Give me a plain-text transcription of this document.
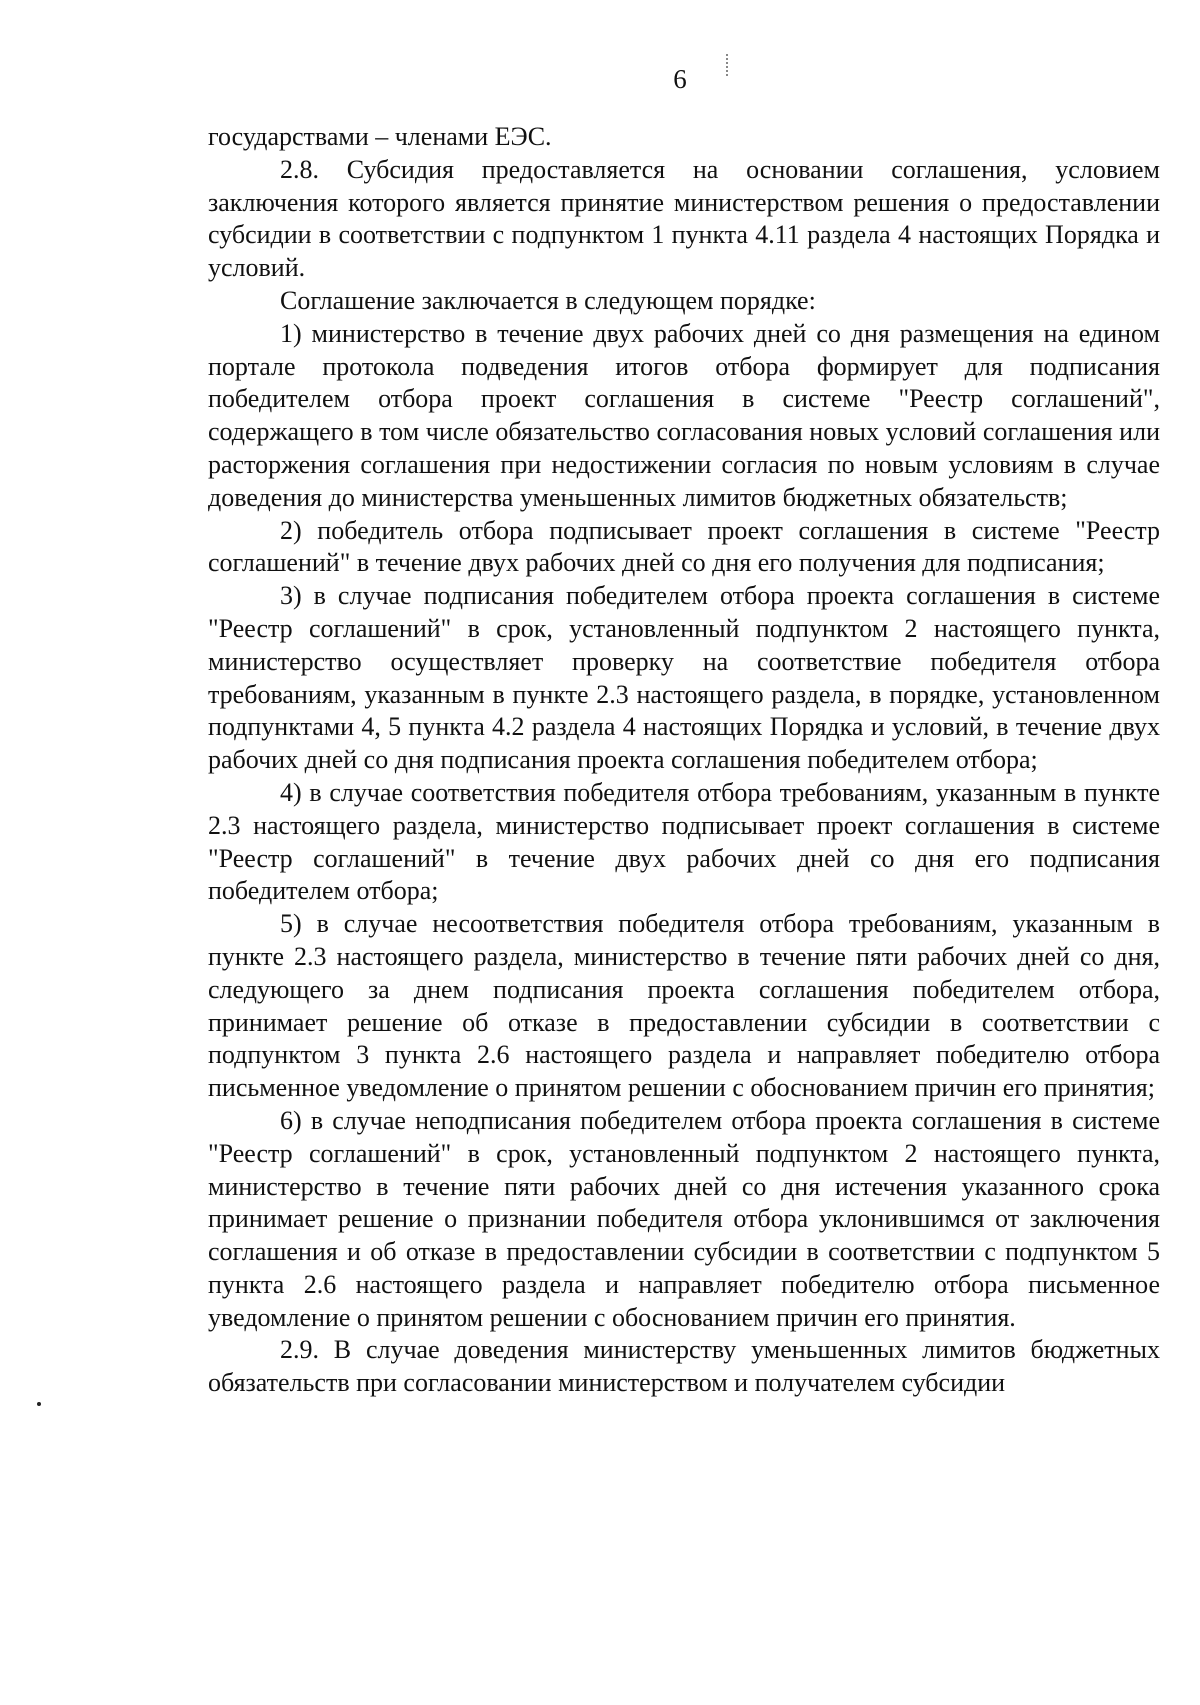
6

государствами – членами ЕЭС.

2.8. Субсидия предоставляется на основании соглашения, условием заключения которого является принятие министерством решения о предоставлении субсидии в соответствии с подпунктом 1 пункта 4.11 раздела 4 настоящих Порядка и условий.

Соглашение заключается в следующем порядке:

1) министерство в течение двух рабочих дней со дня размещения на едином портале протокола подведения итогов отбора формирует для подписания победителем отбора проект соглашения в системе "Реестр соглашений", содержащего в том числе обязательство согласования новых условий соглашения или расторжения соглашения при недостижении согласия по новым условиям в случае доведения до министерства уменьшенных лимитов бюджетных обязательств;

2) победитель отбора подписывает проект соглашения в системе "Реестр соглашений" в течение двух рабочих дней со дня его получения для подписания;

3) в случае подписания победителем отбора проекта соглашения в системе "Реестр соглашений" в срок, установленный подпунктом 2 настоящего пункта, министерство осуществляет проверку на соответствие победителя отбора требованиям, указанным в пункте 2.3 настоящего раздела, в порядке, установленном подпунктами 4, 5 пункта 4.2 раздела 4 настоящих Порядка и условий, в течение двух рабочих дней со дня подписания проекта соглашения победителем отбора;

4) в случае соответствия победителя отбора требованиям, указанным в пункте 2.3 настоящего раздела, министерство подписывает проект соглашения в системе "Реестр соглашений" в течение двух рабочих дней со дня его подписания победителем отбора;

5) в случае несоответствия победителя отбора требованиям, указанным в пункте 2.3 настоящего раздела, министерство в течение пяти рабочих дней со дня, следующего за днем подписания проекта соглашения победителем отбора, принимает решение об отказе в предоставлении субсидии в соответствии с подпунктом 3 пункта 2.6 настоящего раздела и направляет победителю отбора письменное уведомление о принятом решении с обоснованием причин его принятия;

6) в случае неподписания победителем отбора проекта соглашения в системе "Реестр соглашений" в срок, установленный подпунктом 2 настоящего пункта, министерство в течение пяти рабочих дней со дня истечения указанного срока принимает решение о признании победителя отбора уклонившимся от заключения соглашения и об отказе в предоставлении субсидии в соответствии с подпунктом 5 пункта 2.6 настоящего раздела и направляет победителю отбора письменное уведомление о принятом решении с обоснованием причин его принятия.

2.9. В случае доведения министерству уменьшенных лимитов бюджетных обязательств при согласовании министерством и получателем субсидии
